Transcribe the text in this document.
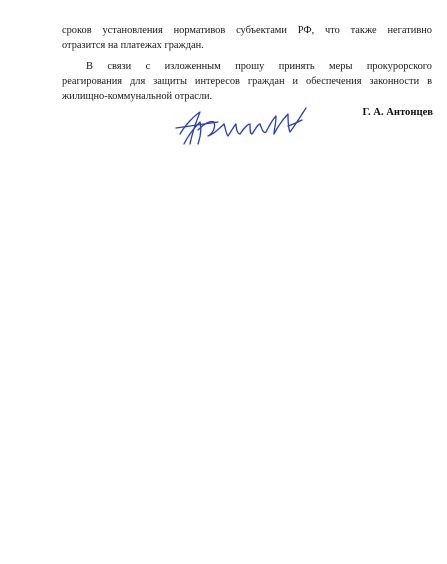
сроков установления нормативов субъектами РФ, что также негативно
отразится на платежах граждан.

В связи с изложенным прошу принять меры прокурорского
реагирования для защиты интересов граждан и обеспечения законности в
жилищно-коммунальной отрасли.

Г. А. Антонцев
